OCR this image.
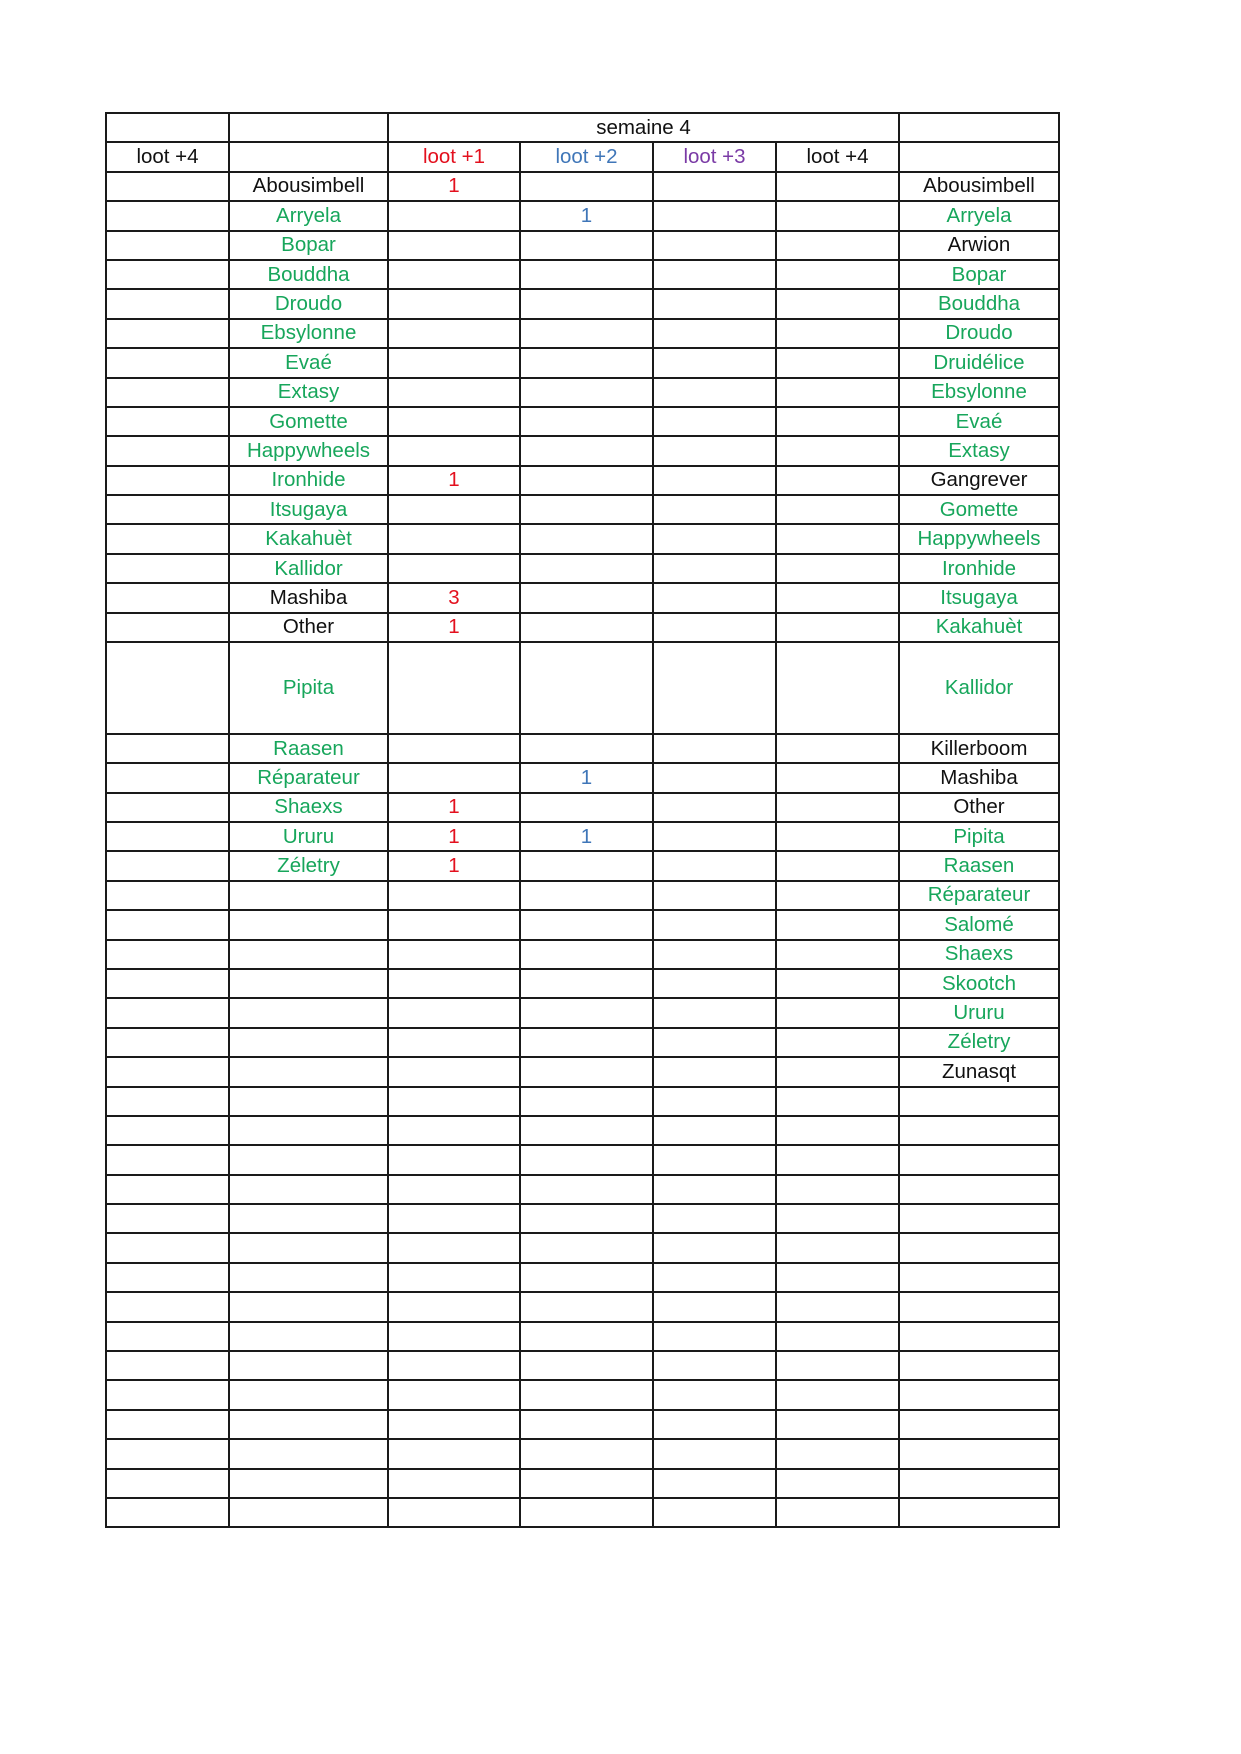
		semaine 4				
loot +4		loot +1	loot +2	loot +3	loot +4	
	Abousimbell	1				Abousimbell
	Arryela		1			Arryela
	Bopar					Arwion
	Bouddha					Bopar
	Droudo					Bouddha
	Ebsylonne					Droudo
	Evaé					Druidélice
	Extasy					Ebsylonne
	Gomette					Evaé
	Happywheels					Extasy
	Ironhide	1				Gangrever
	Itsugaya					Gomette
	Kakahuèt					Happywheels
	Kallidor					Ironhide
	Mashiba	3				Itsugaya
	Other	1				Kakahuèt
	Pipita					Kallidor
	Raasen					Killerboom
	Réparateur		1			Mashiba
	Shaexs	1				Other
	Ururu	1	1			Pipita
	Zéletry	1				Raasen
						Réparateur
						Salomé
						Shaexs
						Skootch
						Ururu
						Zéletry
						Zunasqt
